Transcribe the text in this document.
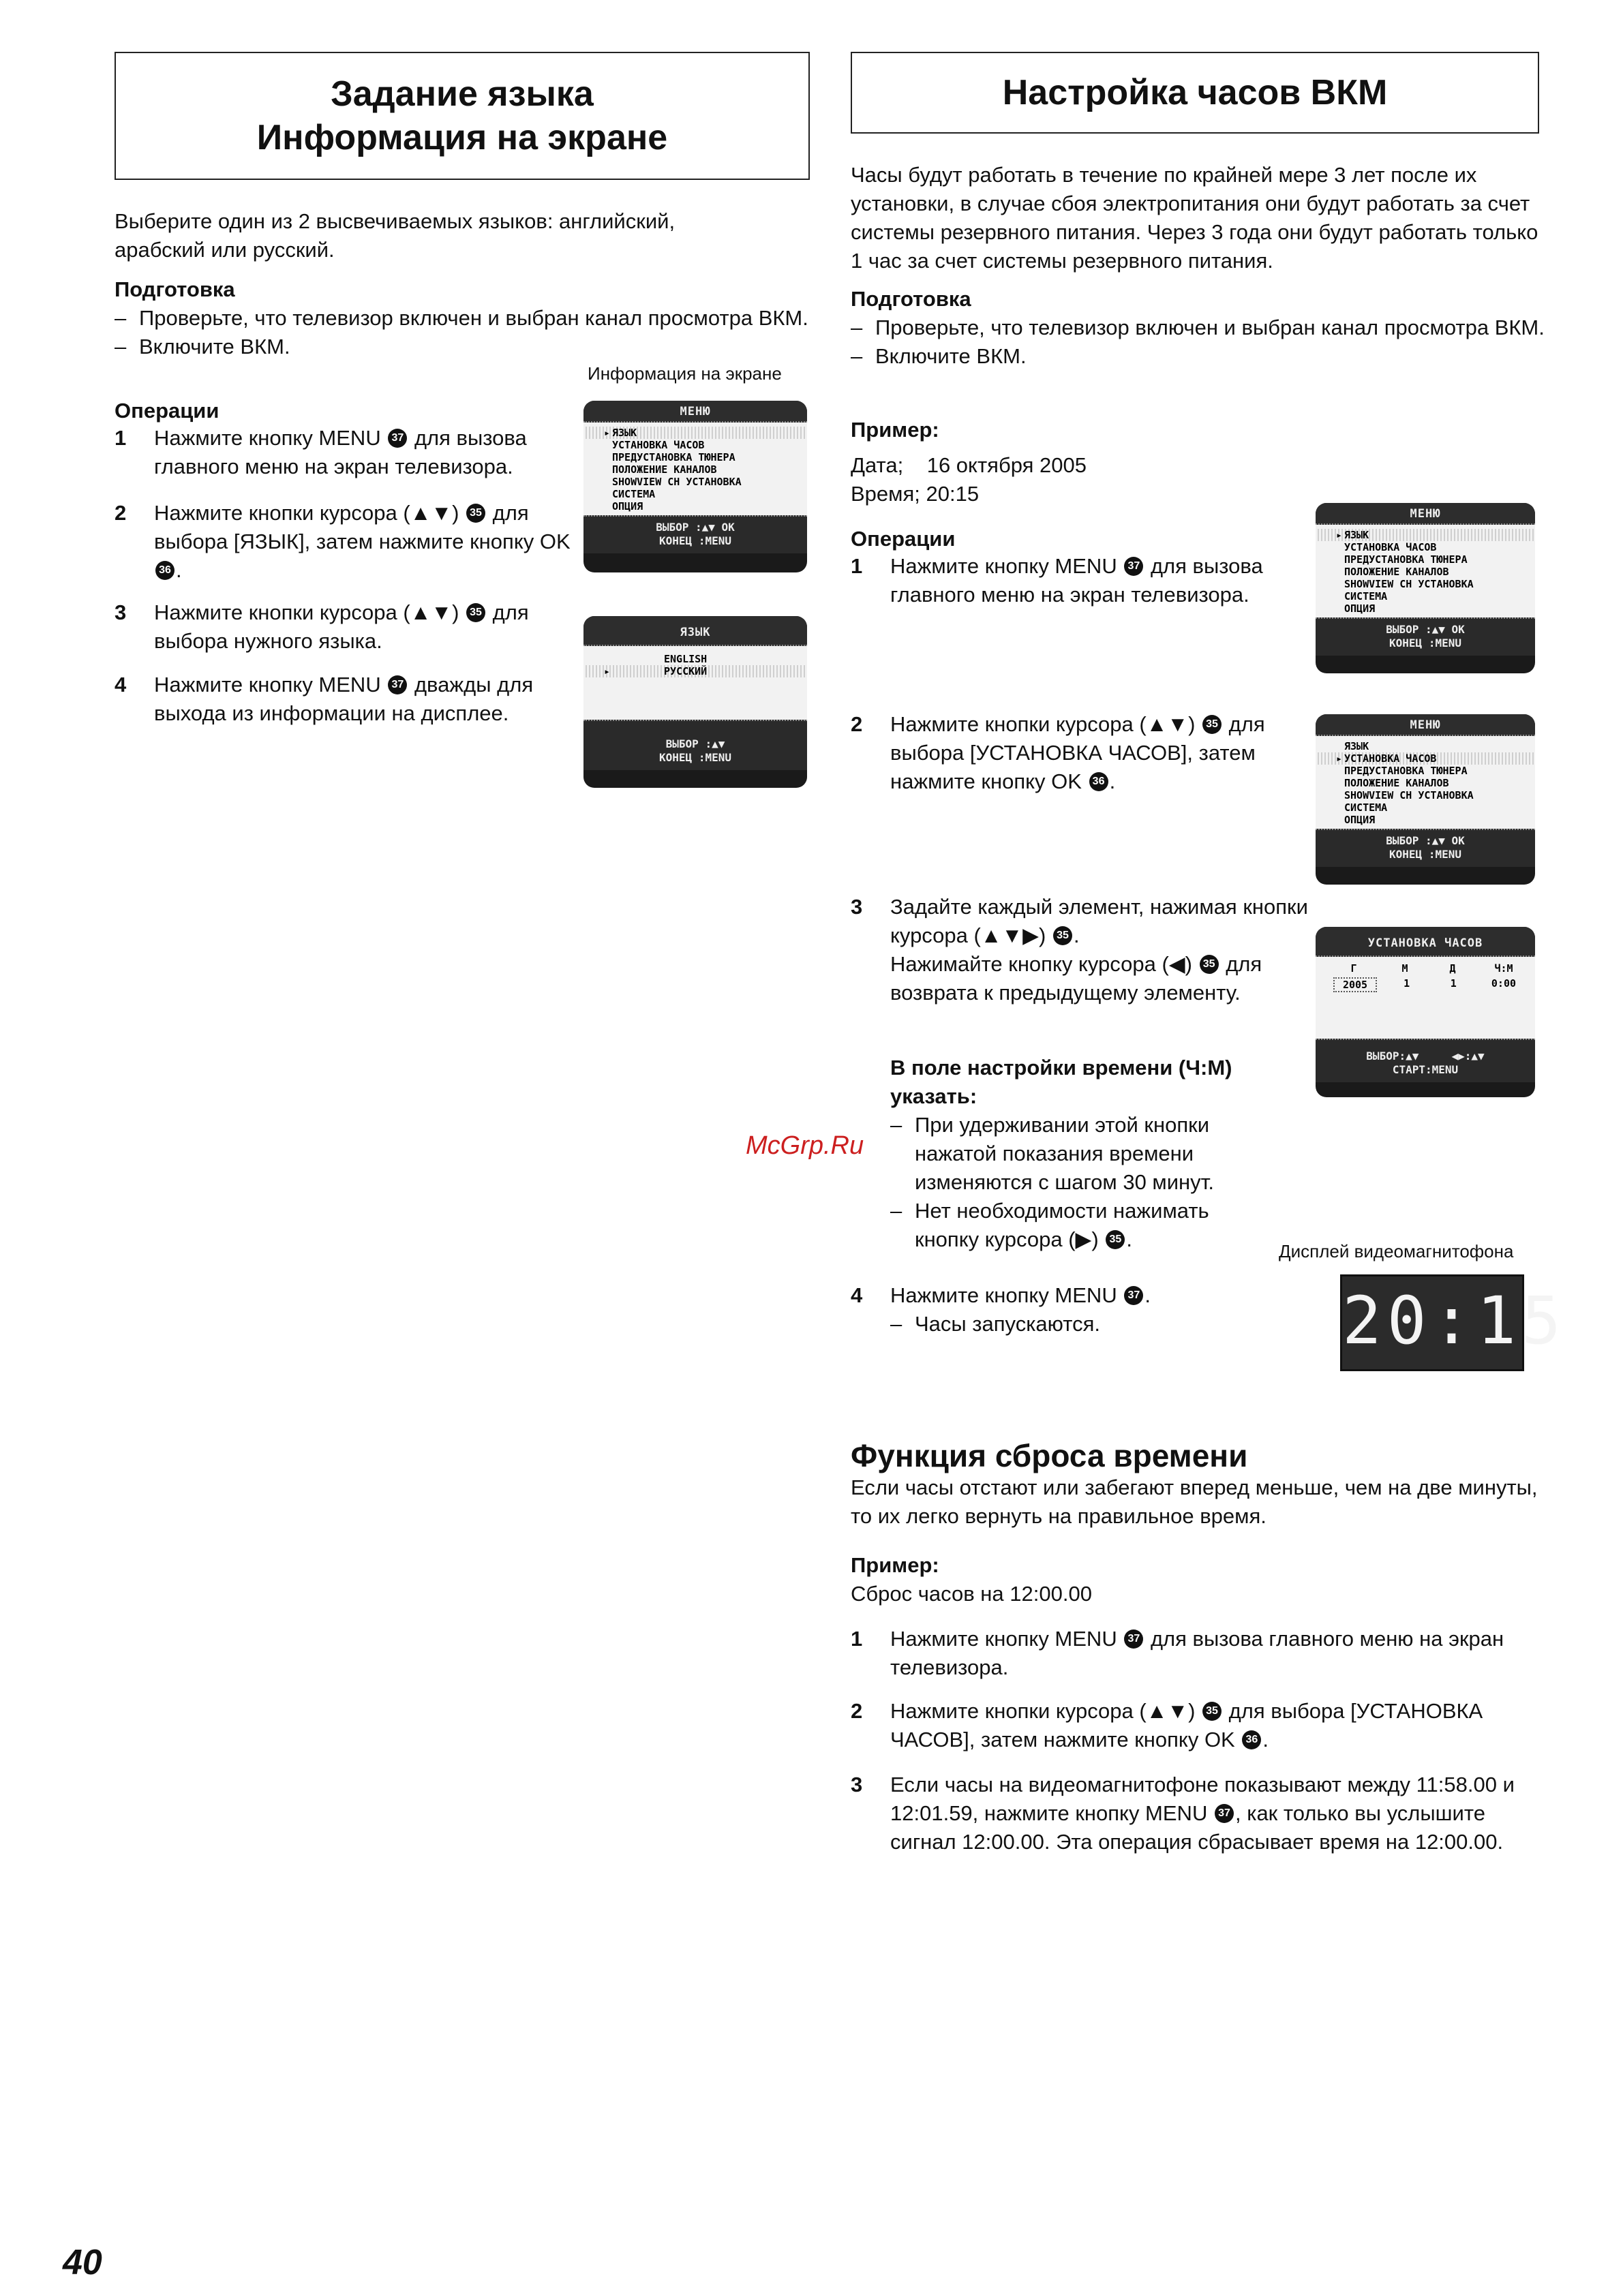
Задание языка
Информация на экране

Выберите один из 2 высвечиваемых языков: английский, арабский или русский.

Подготовка
– Проверьте, что телевизор включен и выбран канал просмотра ВКМ.
– Включите ВКМ.
Информация на экране
Операции
1 Нажмите кнопку MENU 37 для вызова главного меню на экран телевизора.
2 Нажмите кнопки курсора (▲▼) 35 для выбора [ЯЗЫК], затем нажмите кнопку OK 36 .
3 Нажмите кнопки курсора (▲▼) 35 для выбора нужного языка.
4 Нажмите кнопку MENU 37 дважды для выхода из информации на дисплее.
МЕНЮ
▸ ЯЗЫК
УСТАНОВКА ЧАСОВ
ПРЕДУСТАНОВКА ТЮНЕРА
ПОЛОЖЕНИЕ КАНАЛОВ
SHOWVIEW CH УСТАНОВКА
СИСТЕМА
ОПЦИЯ
ВЫБОР :▲▼ OK
КОНЕЦ :MENU
ЯЗЫК
ENGLISH
▸ РУССКИЙ
ВЫБОР :▲▼
КОНЕЦ :MENU
Настройка часов ВКМ

Часы будут работать в течение по крайней мере 3 лет после их установки, в случае сбоя электропитания они будут работать за счет системы резервного питания. Через 3 года они будут работать только 1 час за счет системы резервного питания.

Подготовка
– Проверьте, что телевизор включен и выбран канал просмотра ВКМ.
– Включите ВКМ.
Пример:
Дата;    16 октября 2005
Время; 20:15
Операции
1 Нажмите кнопку MENU 37 для вызова главного меню на экран телевизора.
2 Нажмите кнопки курсора (▲▼) 35 для выбора [УСТАНОВКА ЧАСОВ], затем нажмите кнопку OK 36 .
3 Задайте каждый элемент, нажимая кнопки курсора (▲▼▶) 35 .
Нажимайте кнопку курсора (◀) 35 для возврата к предыдущему элементу.
В поле настройки времени (Ч:М) указать:
– При удерживании этой кнопки нажатой показания времени изменяются с шагом 30 минут.
– Нет необходимости нажимать кнопку курсора (▶) 35 .
4 Нажмите кнопку MENU 37 .
– Часы запускаются.
МЕНЮ
▸ ЯЗЫК
УСТАНОВКА ЧАСОВ
ПРЕДУСТАНОВКА ТЮНЕРА
ПОЛОЖЕНИЕ КАНАЛОВ
SHOWVIEW CH УСТАНОВКА
СИСТЕМА
ОПЦИЯ
ВЫБОР :▲▼ OK
КОНЕЦ :MENU
МЕНЮ
ЯЗЫК
▸ УСТАНОВКА ЧАСОВ
ПРЕДУСТАНОВКА ТЮНЕРА
ПОЛОЖЕНИЕ КАНАЛОВ
SHOWVIEW CH УСТАНОВКА
СИСТЕМА
ОПЦИЯ
ВЫБОР :▲▼ OK
КОНЕЦ :MENU
УСТАНОВКА ЧАСОВ
Г	М	Д	Ч:М
2005	1	1	0:00
ВЫБОР:▲▼     ◀▶:▲▼
СТАРТ:MENU
Дисплей видеомагнитофона
20:15
Функция сброса времени

Если часы отстают или забегают вперед меньше, чем на две минуты, то их легко вернуть на правильное время.

Пример:
Сброс часов на 12:00.00
1 Нажмите кнопку MENU 37 для вызова главного меню на экран телевизора.
2 Нажмите кнопки курсора (▲▼) 35 для выбора [УСТАНОВКА ЧАСОВ], затем нажмите кнопку OK 36 .
3 Если часы на видеомагнитофоне показывают между 11:58.00 и 12:01.59, нажмите кнопку MENU 37 , как только вы услышите сигнал 12:00.00. Эта операция сбрасывает время на 12:00.00.
McGrp.Ru
40
